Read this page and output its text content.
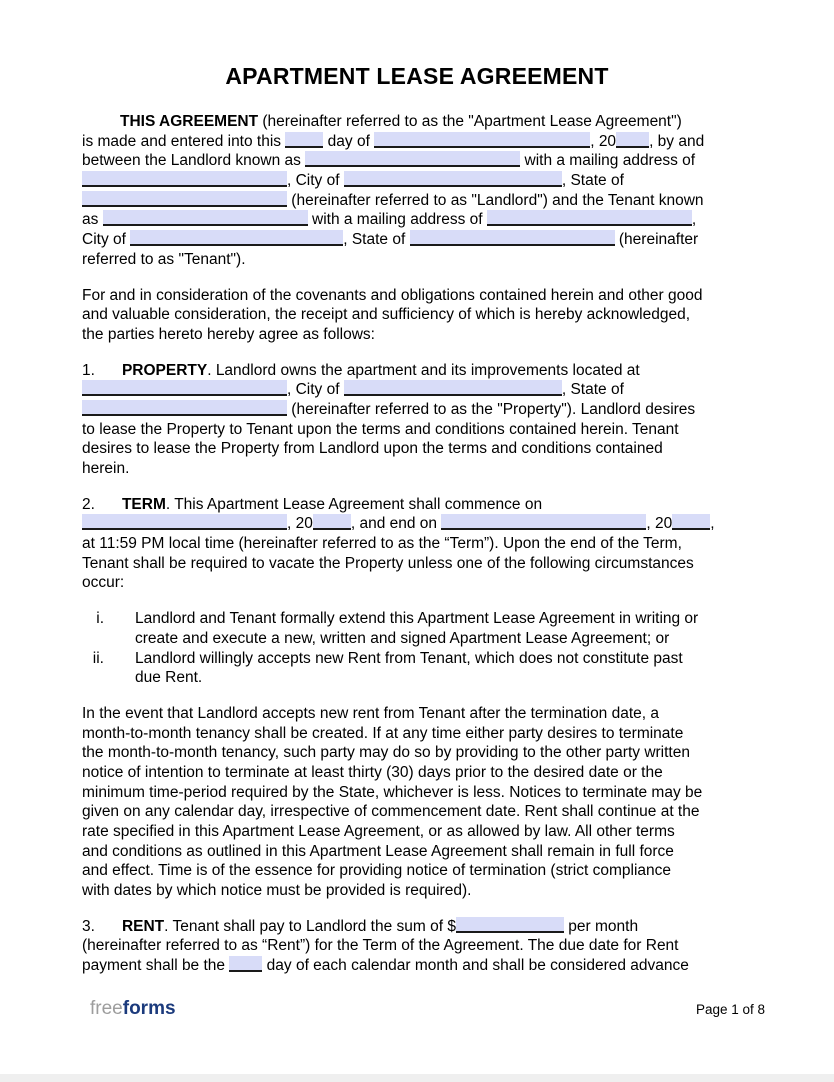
APARTMENT LEASE AGREEMENT
THIS AGREEMENT (hereinafter referred to as the "Apartment Lease Agreement")
is made and entered into this  day of	, 20 , by and
between the Landlord known as	with a mailing address of
, City of	, State of
(hereinafter referred to as "Landlord") and the Tenant known
as	with a mailing address of	,
City of	, State of	(hereinafter
referred to as "Tenant").
For and in consideration of the covenants and obligations contained herein and other good
and valuable consideration, the receipt and sufficiency of which is hereby acknowledged,
the parties hereto hereby agree as follows:
1. PROPERTY. Landlord owns the apartment and its improvements located at
, City of	, State of
(hereinafter referred to as the "Property"). Landlord desires
to lease the Property to Tenant upon the terms and conditions contained herein. Tenant
desires to lease the Property from Landlord upon the terms and conditions contained
herein.
2. TERM. This Apartment Lease Agreement shall commence on
, 20 , and end on	, 20 ,
at 11:59 PM local time (hereinafter referred to as the “Term”). Upon the end of the Term,
Tenant shall be required to vacate the Property unless one of the following circumstances
occur:
i. Landlord and Tenant formally extend this Apartment Lease Agreement in writing or
create and execute a new, written and signed Apartment Lease Agreement; or
ii. Landlord willingly accepts new Rent from Tenant, which does not constitute past
due Rent.
In the event that Landlord accepts new rent from Tenant after the termination date, a
month-to-month tenancy shall be created. If at any time either party desires to terminate
the month-to-month tenancy, such party may do so by providing to the other party written
notice of intention to terminate at least thirty (30) days prior to the desired date or the
minimum time-period required by the State, whichever is less. Notices to terminate may be
given on any calendar day, irrespective of commencement date. Rent shall continue at the
rate specified in this Apartment Lease Agreement, or as allowed by law. All other terms
and conditions as outlined in this Apartment Lease Agreement shall remain in full force
and effect. Time is of the essence for providing notice of termination (strict compliance
with dates by which notice must be provided is required).
3. RENT. Tenant shall pay to Landlord the sum of $	per month
(hereinafter referred to as “Rent”) for the Term of the Agreement. The due date for Rent
payment shall be the  day of each calendar month and shall be considered advance
freeforms	Page 1 of 8
